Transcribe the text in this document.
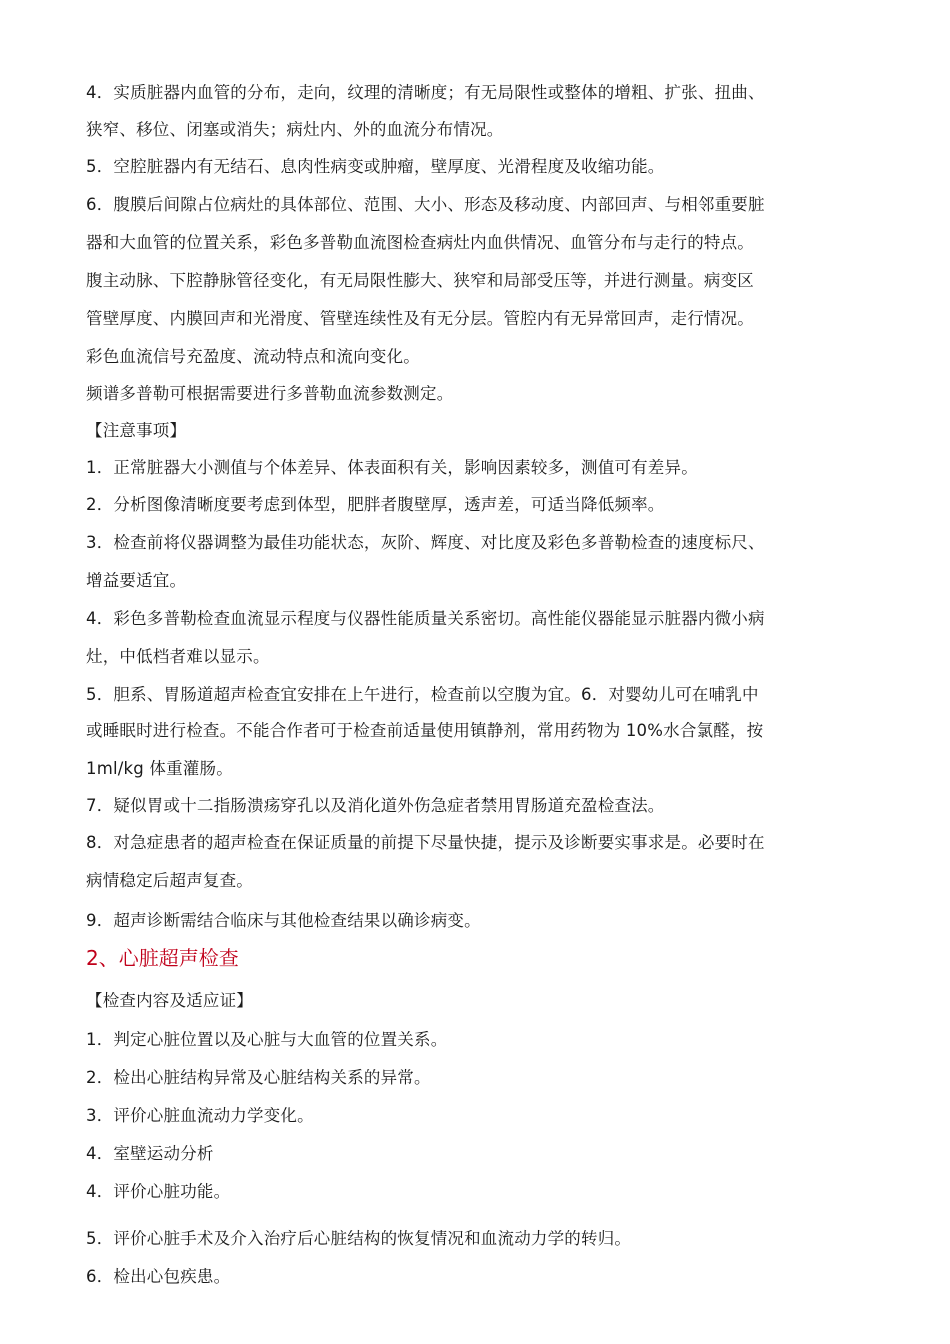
4．实质脏器内血管的分布，走向，纹理的清晰度；有无局限性或整体的增粗、扩张、扭曲、
狭窄、移位、闭塞或消失；病灶内、外的血流分布情况。
5．空腔脏器内有无结石、息肉性病变或肿瘤，壁厚度、光滑程度及收缩功能。
6．腹膜后间隙占位病灶的具体部位、范围、大小、形态及移动度、内部回声、与相邻重要脏
器和大血管的位置关系，彩色多普勒血流图检查病灶内血供情况、血管分布与走行的特点。
腹主动脉、下腔静脉管径变化，有无局限性膨大、狭窄和局部受压等，并进行测量。病变区
管壁厚度、内膜回声和光滑度、管壁连续性及有无分层。管腔内有无异常回声，走行情况。
彩色血流信号充盈度、流动特点和流向变化。
频谱多普勒可根据需要进行多普勒血流参数测定。
【注意事项】
1．正常脏器大小测值与个体差异、体表面积有关，影响因素较多，测值可有差异。
2．分析图像清晰度要考虑到体型，肥胖者腹壁厚，透声差，可适当降低频率。
3．检查前将仪器调整为最佳功能状态，灰阶、辉度、对比度及彩色多普勒检查的速度标尺、
增益要适宜。
4．彩色多普勒检查血流显示程度与仪器性能质量关系密切。高性能仪器能显示脏器内微小病
灶，中低档者难以显示。
5．胆系、胃肠道超声检查宜安排在上午进行，检查前以空腹为宜。6．对婴幼儿可在哺乳中
或睡眠时进行检查。不能合作者可于检查前适量使用镇静剂，常用药物为 10%水合氯醛，按
1ml/kg 体重灌肠。
7．疑似胃或十二指肠溃疡穿孔以及消化道外伤急症者禁用胃肠道充盈检查法。
8．对急症患者的超声检查在保证质量的前提下尽量快捷，提示及诊断要实事求是。必要时在
病情稳定后超声复查。
9．超声诊断需结合临床与其他检查结果以确诊病变。
2、心脏超声检查
【检查内容及适应证】
1．判定心脏位置以及心脏与大血管的位置关系。
2．检出心脏结构异常及心脏结构关系的异常。
3．评价心脏血流动力学变化。
4．室壁运动分析
4．评价心脏功能。
5．评价心脏手术及介入治疗后心脏结构的恢复情况和血流动力学的转归。
6．检出心包疾患。
